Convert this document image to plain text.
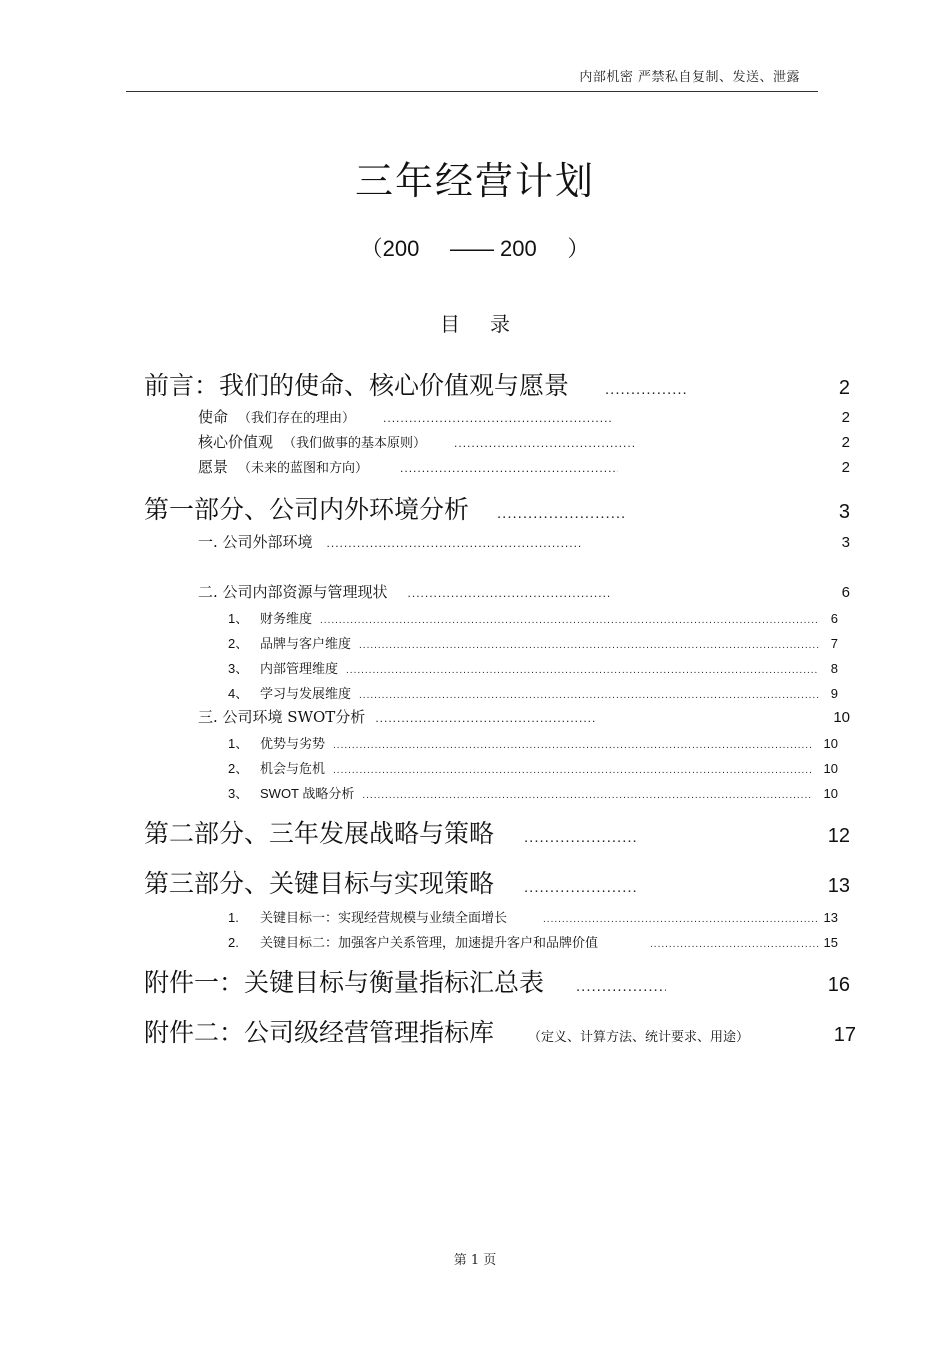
内部机密 严禁私自复制、发送、泄露
三年经营计划
（200     —— 200     ）
目录
前言：我们的使命、核心价值观与愿景 .....	2
使命 （我们存在的理由） .....	2
核心价值观 （我们做事的基本原则） .....	2
愿景 （未来的蓝图和方向） .....	2
第一部分、公司内外环境分析 .....	3
一. 公司外部环境 .....	3
二. 公司内部资源与管理现状 .....	6
1、 财务维度 .....	6
2、 品牌与客户维度 .....	7
3、 内部管理维度 .....	8
4、 学习与发展维度 .....	9
三. 公司环境 SWOT分析 .....	10
1、 优势与劣势 .....	10
2、 机会与危机 .....	10
3、 SWOT 战略分析 .....	10
第二部分、三年发展战略与策略 .....	12
第三部分、关键目标与实现策略 .....	13
1. 关键目标一：实现经营规模与业绩全面增长 .....	13
2. 关键目标二：加强客户关系管理，加速提升客户和品牌价值 .....	15
附件一：关键目标与衡量指标汇总表 .....	16
附件二：公司级经营管理指标库	（定义、计算方法、统计要求、用途）	17
第 1 页
